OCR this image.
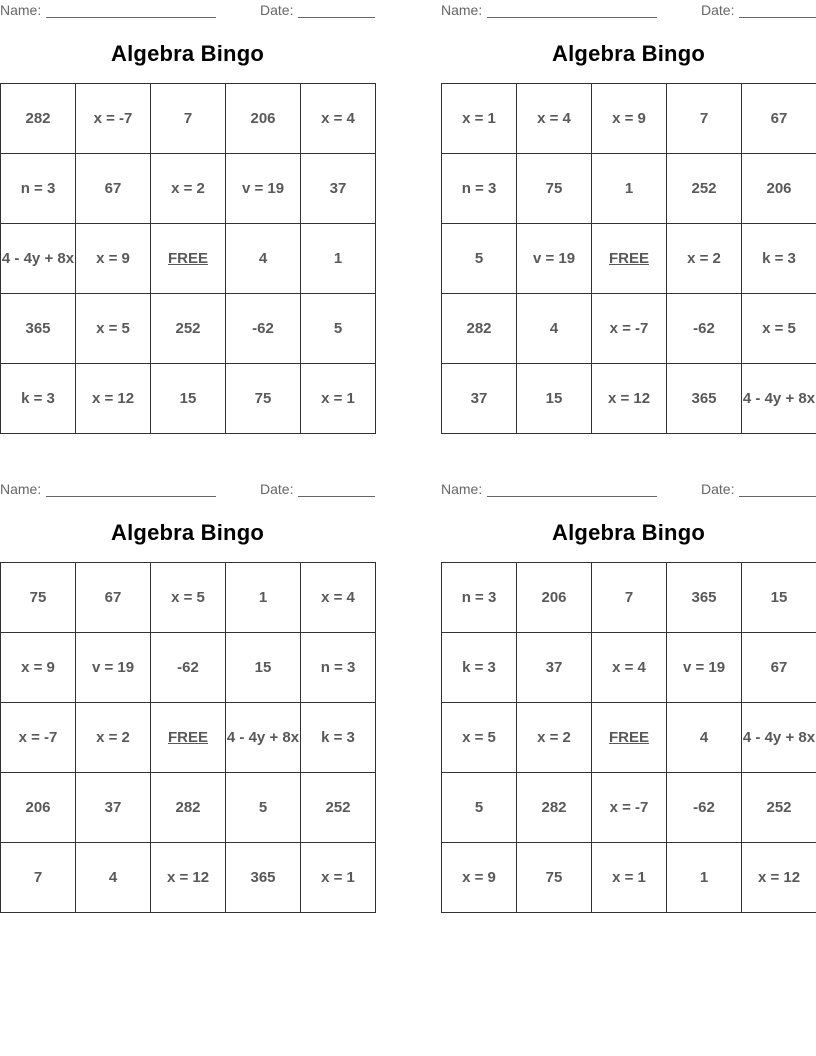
Name:	Date:
Algebra Bingo
282	x = -7	7	206	x = 4
n = 3	67	x = 2	v = 19	37
4 - 4y + 8x	x = 9	FREE	4	1
365	x = 5	252	-62	5
k = 3	x = 12	15	75	x = 1
Name:	Date:
Algebra Bingo
x = 1	x = 4	x = 9	7	67
n = 3	75	1	252	206
5	v = 19	FREE	x = 2	k = 3
282	4	x = -7	-62	x = 5
37	15	x = 12	365	4 - 4y + 8x
Name:	Date:
Algebra Bingo
75	67	x = 5	1	x = 4
x = 9	v = 19	-62	15	n = 3
x = -7	x = 2	FREE	4 - 4y + 8x	k = 3
206	37	282	5	252
7	4	x = 12	365	x = 1
Name:	Date:
Algebra Bingo
n = 3	206	7	365	15
k = 3	37	x = 4	v = 19	67
x = 5	x = 2	FREE	4	4 - 4y + 8x
5	282	x = -7	-62	252
x = 9	75	x = 1	1	x = 12
